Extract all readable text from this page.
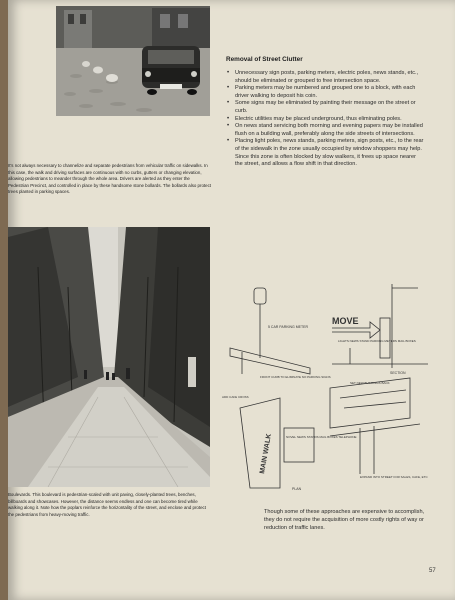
It's not always necessary to channelize and separate pedestrians from vehicular traffic on sidewalks. In this case, the walk and driving surfaces are continuous with no curbs, gutters or changing elevation, allowing pedestrians to meander through the whole area. Drivers are alerted as they enter the Pedestrian Precinct, and controlled in place by these handsome stone bollards. The bollards also protect trees planted in parking spaces.

Boulevards. This boulevard is pedestrian-scaled with unit paving, closely-planted trees, benches, billboards and showcases. However, the distance seems endless and one can become tired while walking along it. Note how the poplars reinforce the horizontality of the street, and enclose and protect the pedestrians from heavy-moving traffic.

Removal of Street Clutter
• Unnecessary sign posts, parking meters, electric poles, news stands, etc., should be eliminated or grouped to free intersection space.
• Parking meters may be numbered and grouped one to a block, with each driver walking to deposit his coin.
• Some signs may be eliminated by painting their message on the street or curb.
• Electric utilities may be placed underground, thus eliminating poles.
• On news stand servicing both morning and evening papers may be installed flush on a building wall, preferably along the side streets of intersections.
• Placing light poles, news stands, parking meters, sign posts, etc., to the rear of the sidewalk in the zone usually occupied by window shoppers may help. Since this zone is often blocked by slow walkers, it frees up space nearer the street, and allows a flow shift in that direction.
MOVE
5 CAR PARKING METER
LIGHTS NEWS STAND PARKING METERS MAIL BOXES
FRONT CURB TO ELIMINATE NO PARKING SIGNS
SECTION
ADD CAFE CROSS
SET NEW BUILDINGS BACK
MAIN WALK	NOVEL NEWS STANDS MAIL BOXES TELEPHONE
EXPAND INTO STREET FOR SALES, CAFE, ETC
PLAN

Though some of these approaches are expensive to accomplish, they do not require the acquisition of more costly rights of way or reduction of traffic lanes.

57
